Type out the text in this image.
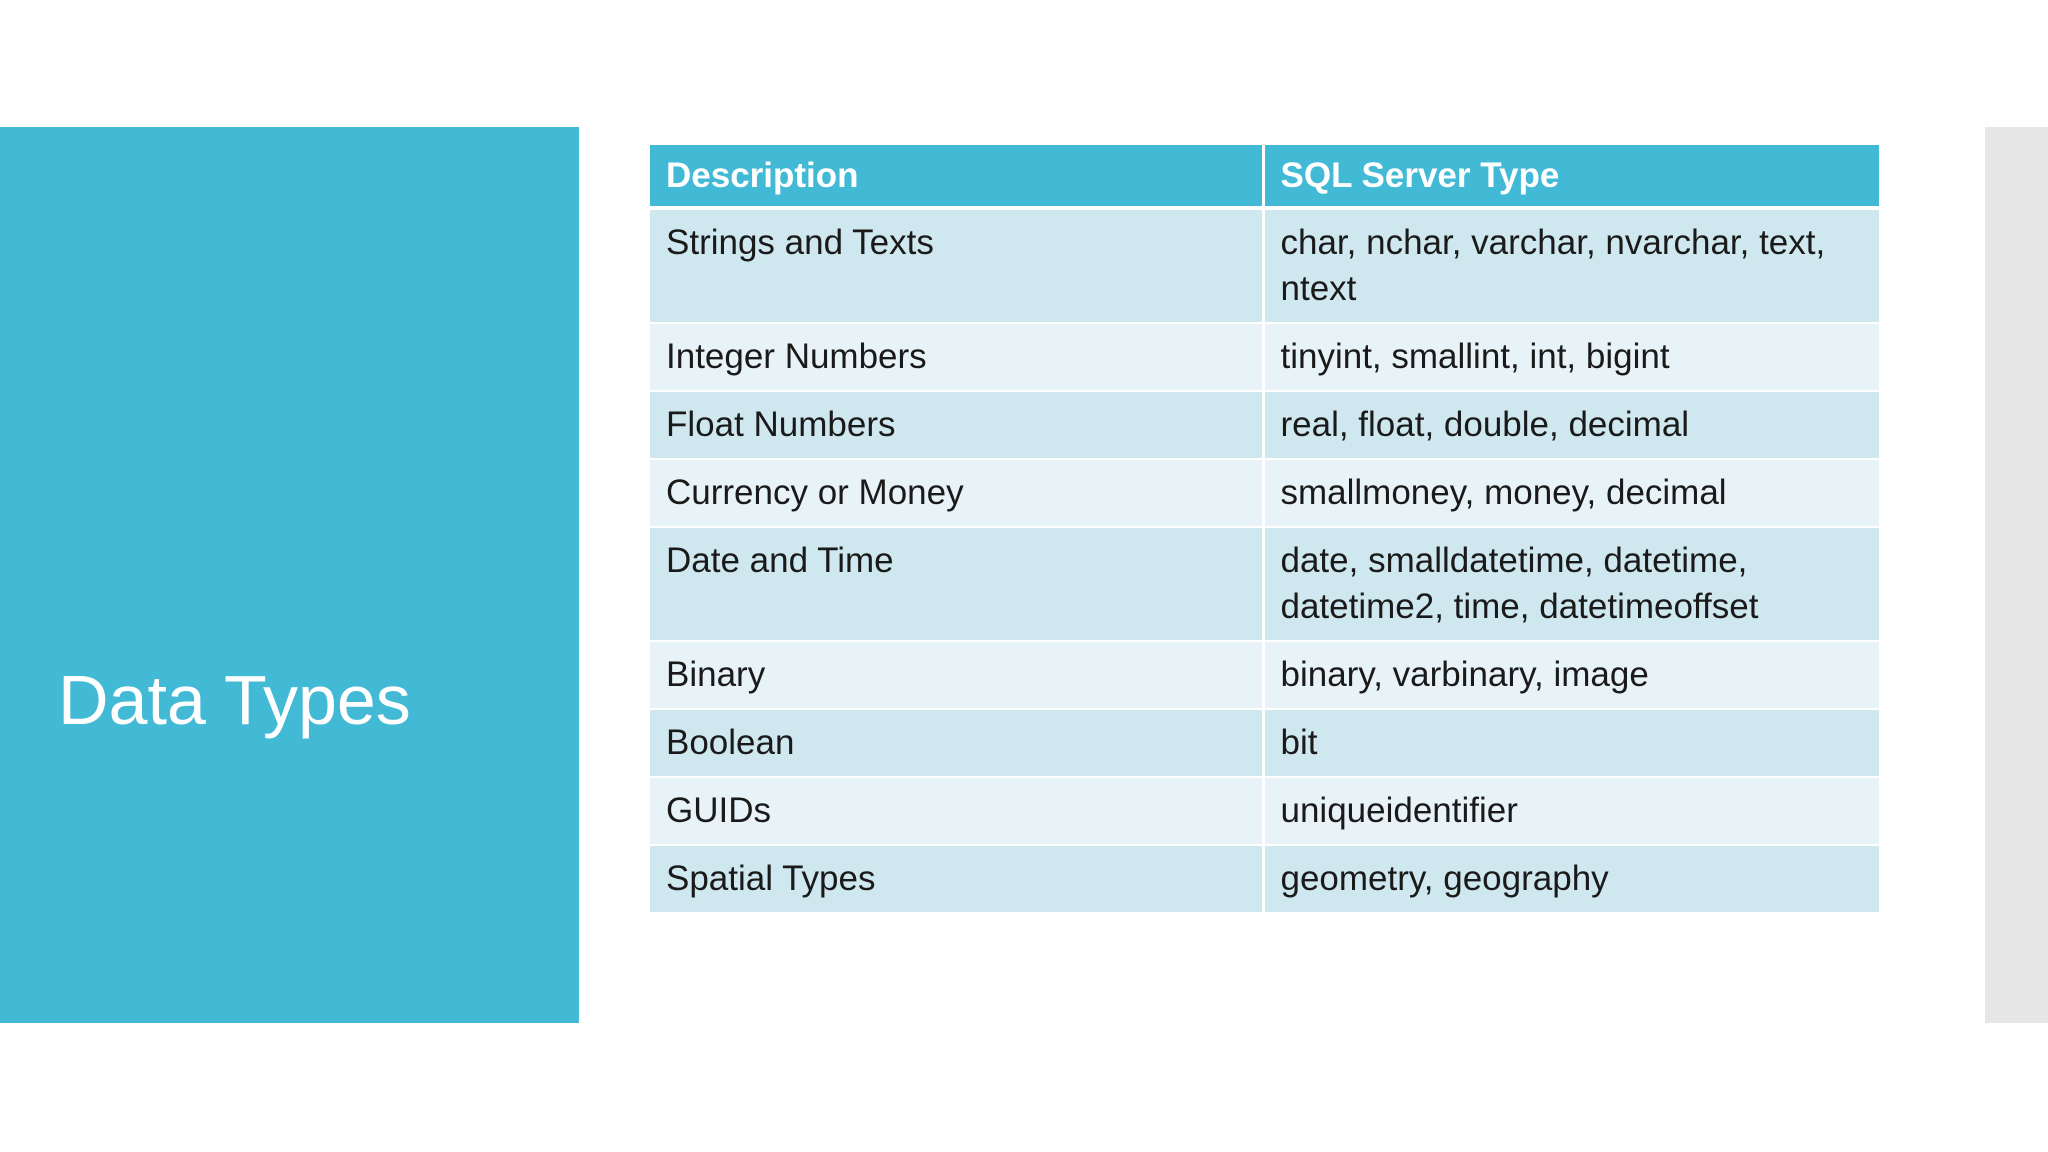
Data Types
Description	SQL Server Type
Strings and Texts	char, nchar, varchar, nvarchar, text, ntext
Integer Numbers	tinyint, smallint, int, bigint
Float Numbers	real, float, double, decimal
Currency or Money	smallmoney, money, decimal
Date and Time	date, smalldatetime, datetime, datetime2, time, datetimeoffset
Binary	binary, varbinary, image
Boolean	bit
GUIDs	uniqueidentifier
Spatial Types	geometry, geography
